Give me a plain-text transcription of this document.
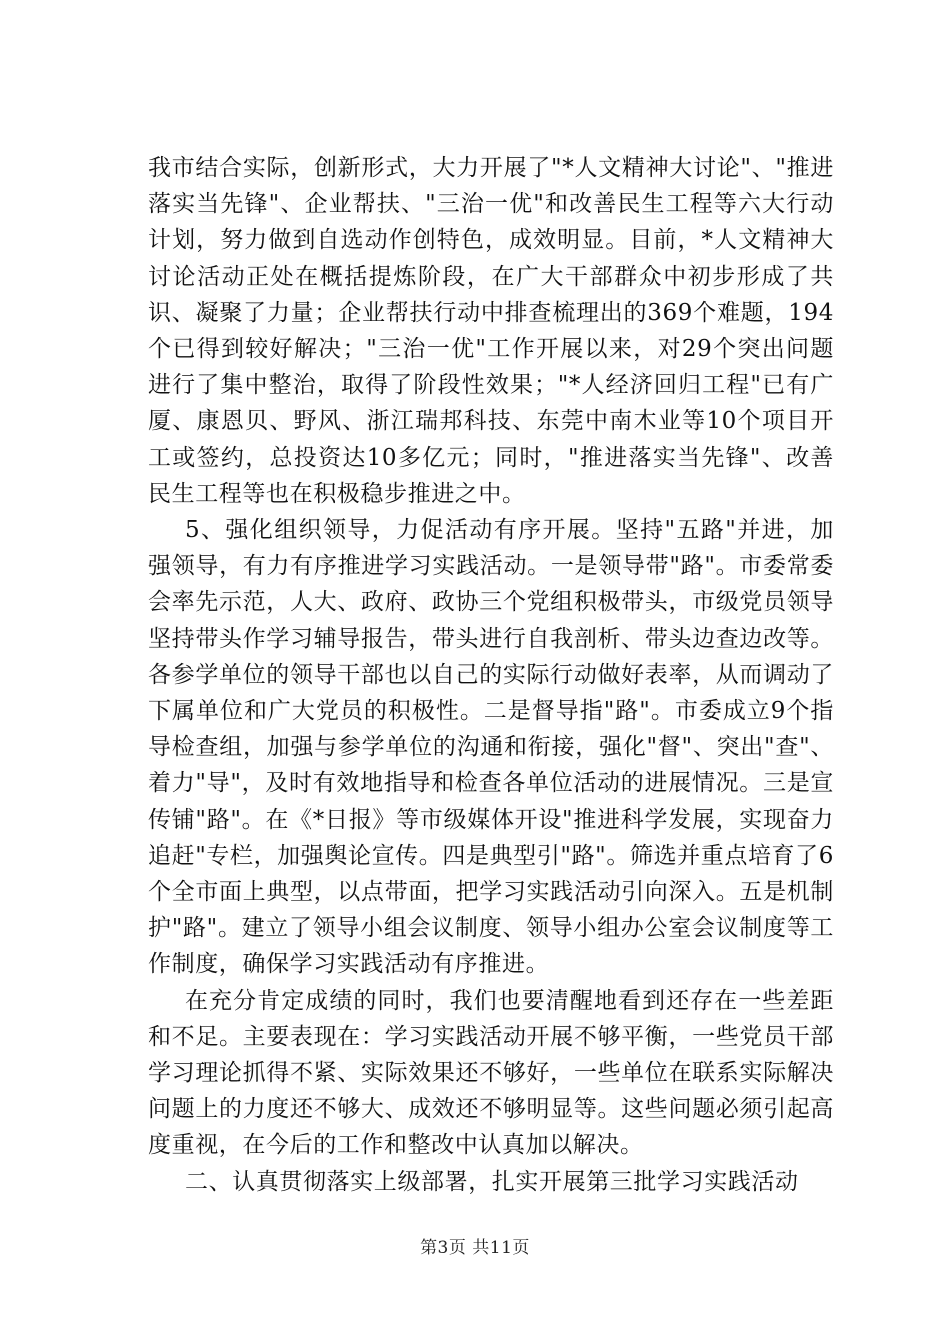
我市结合实际，创新形式，大力开展了"*人文精神大讨论"、"推进落实当先锋"、企业帮扶、"三治一优"和改善民生工程等六大行动计划，努力做到自选动作创特色，成效明显。目前，*人文精神大讨论活动正处在概括提炼阶段，在广大干部群众中初步形成了共识、凝聚了力量；企业帮扶行动中排查梳理出的369个难题，194个已得到较好解决；"三治一优"工作开展以来，对29个突出问题进行了集中整治，取得了阶段性效果；"*人经济回归工程"已有广厦、康恩贝、野风、浙江瑞邦科技、东莞中南木业等10个项目开工或签约，总投资达10多亿元；同时，"推进落实当先锋"、改善民生工程等也在积极稳步推进之中。

5、强化组织领导，力促活动有序开展。坚持"五路"并进，加强领导，有力有序推进学习实践活动。一是领导带"路"。市委常委会率先示范，人大、政府、政协三个党组积极带头，市级党员领导坚持带头作学习辅导报告，带头进行自我剖析、带头边查边改等。各参学单位的领导干部也以自己的实际行动做好表率，从而调动了下属单位和广大党员的积极性。二是督导指"路"。市委成立9个指导检查组，加强与参学单位的沟通和衔接，强化"督"、突出"查"、着力"导"，及时有效地指导和检查各单位活动的进展情况。三是宣传铺"路"。在《*日报》等市级媒体开设"推进科学发展，实现奋力追赶"专栏，加强舆论宣传。四是典型引"路"。筛选并重点培育了6个全市面上典型，以点带面，把学习实践活动引向深入。五是机制护"路"。建立了领导小组会议制度、领导小组办公室会议制度等工作制度，确保学习实践活动有序推进。

在充分肯定成绩的同时，我们也要清醒地看到还存在一些差距和不足。主要表现在：学习实践活动开展不够平衡，一些党员干部学习理论抓得不紧、实际效果还不够好，一些单位在联系实际解决问题上的力度还不够大、成效还不够明显等。这些问题必须引起高度重视，在今后的工作和整改中认真加以解决。

二、认真贯彻落实上级部署，扎实开展第三批学习实践活动

第3页 共11页
